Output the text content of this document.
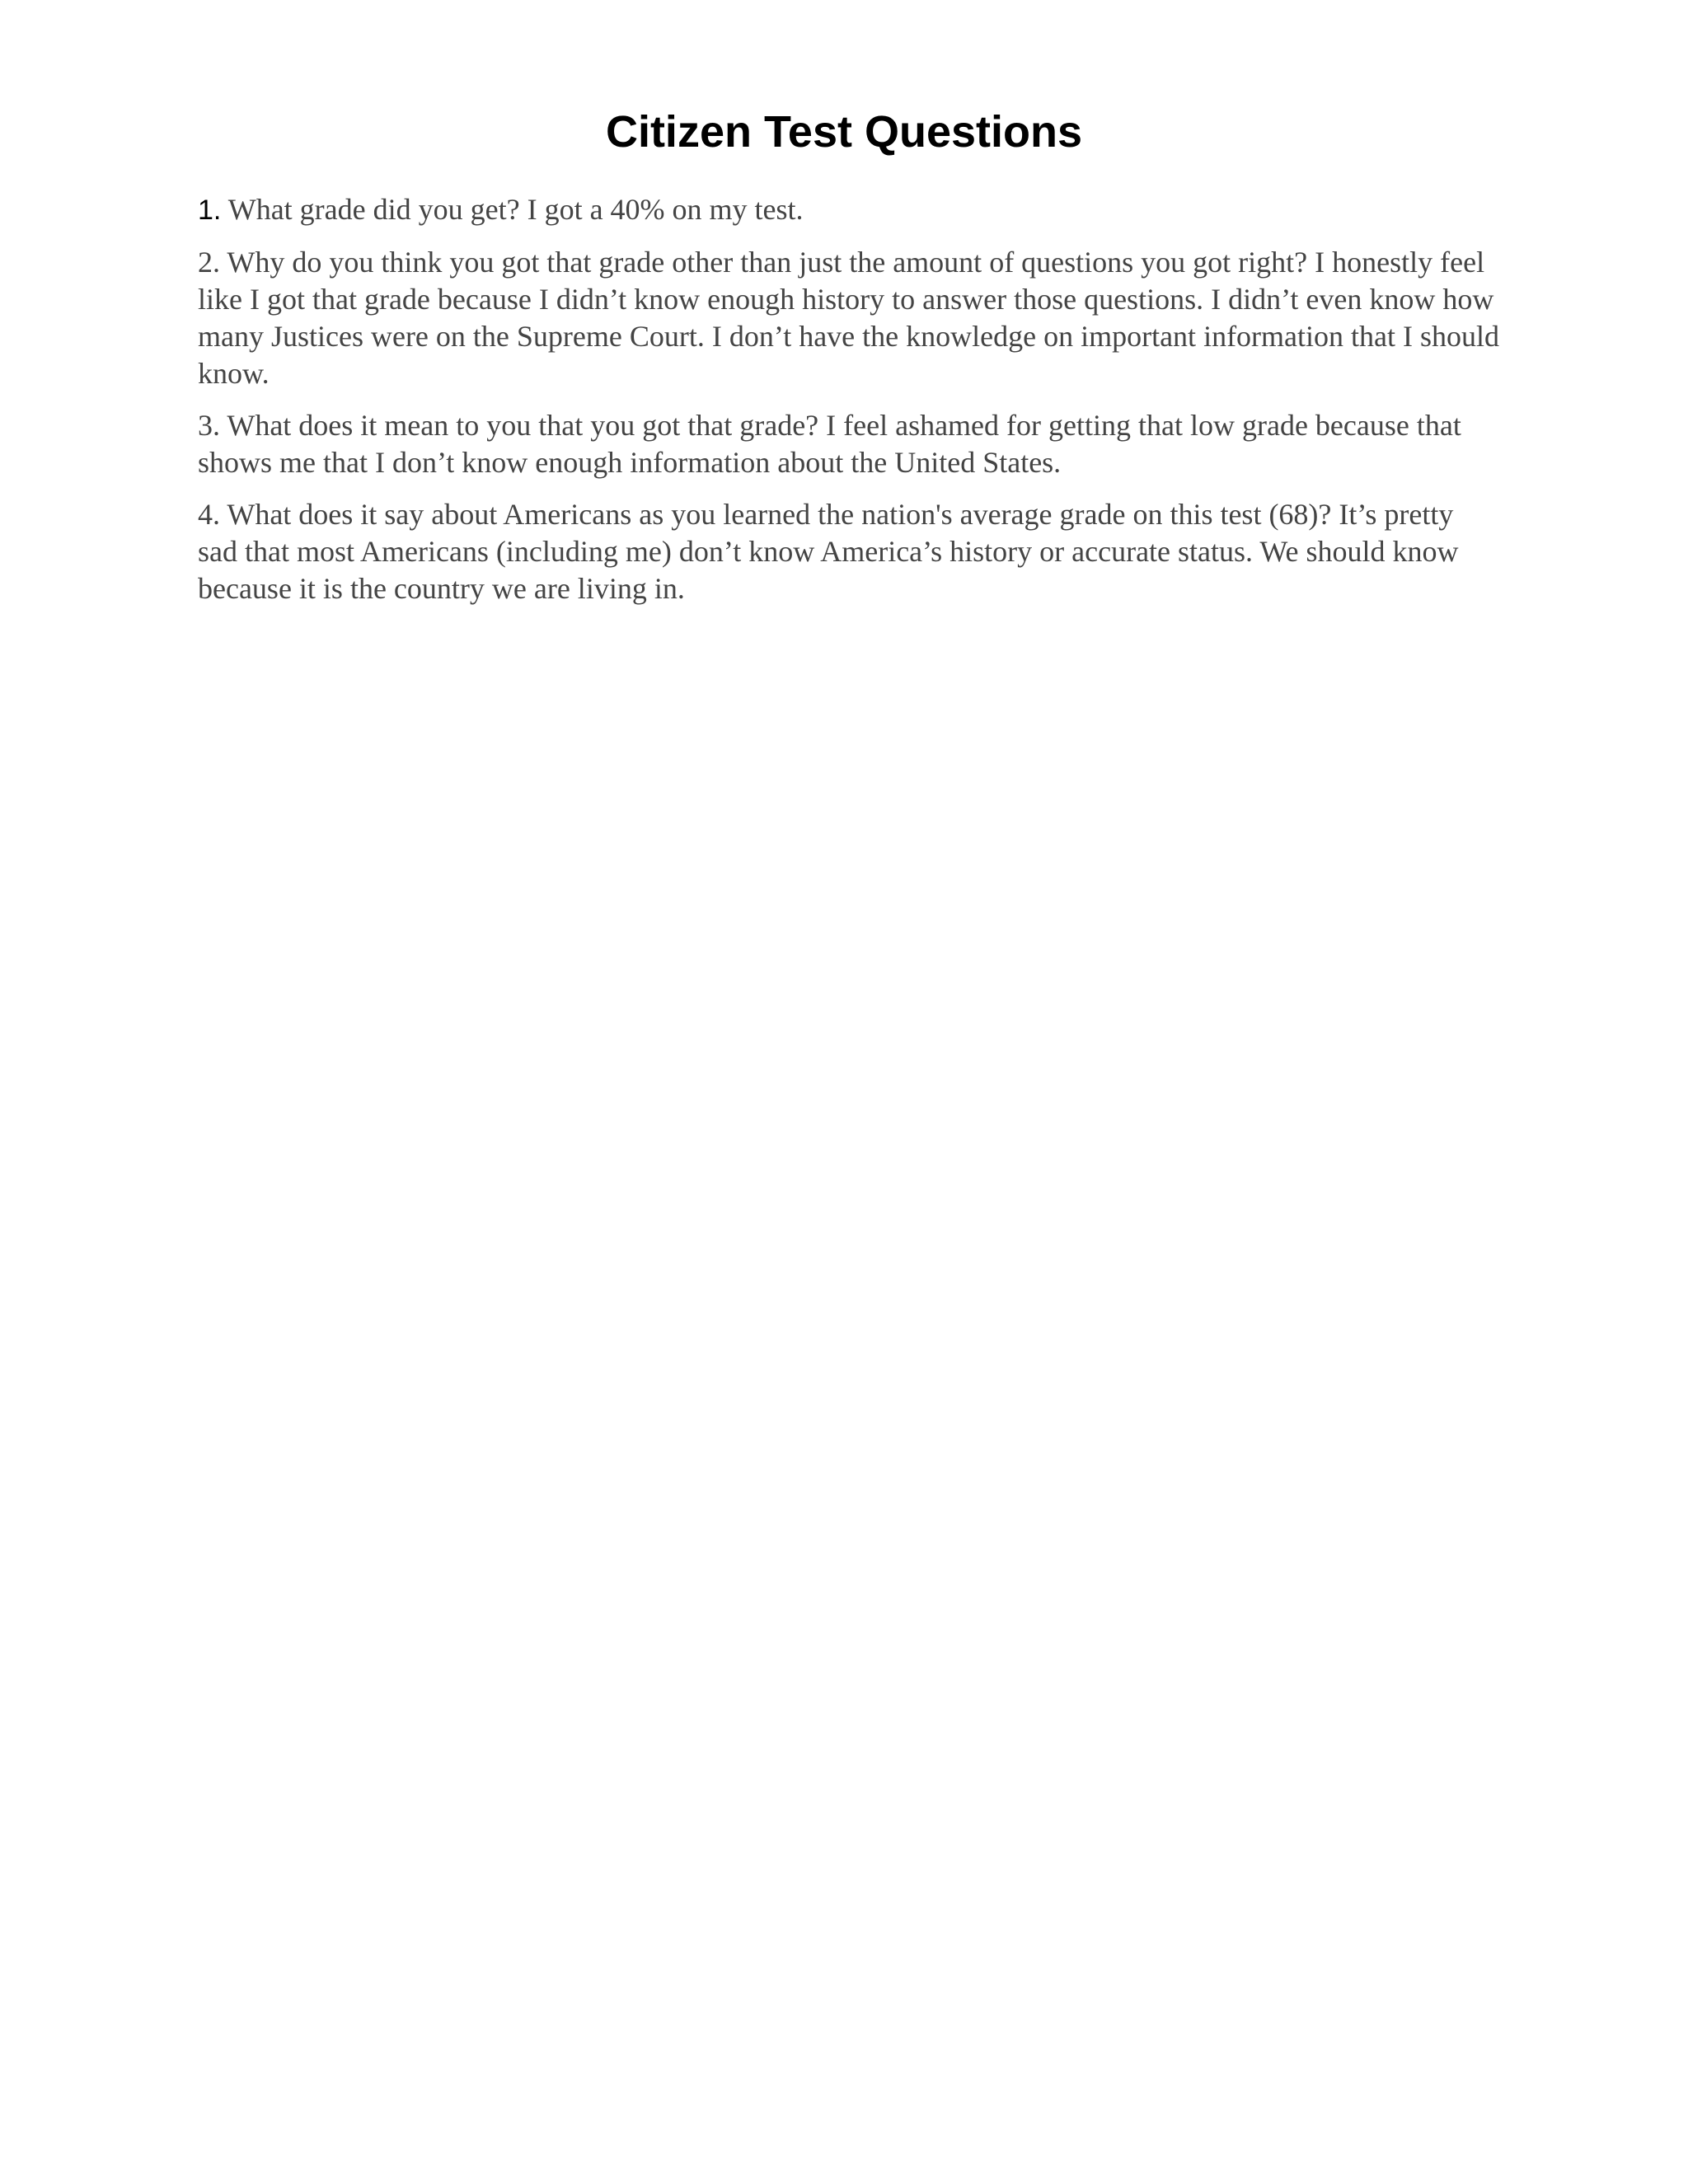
Citizen Test Questions

1. What grade did you get? I got a 40% on my test.

2. Why do you think you got that grade other than just the amount of questions you got right? I honestly feel like I got that grade because I didn’t know enough history to answer those questions. I didn’t even know how many Justices were on the Supreme Court. I don’t have the knowledge on important information that I should know.

3. What does it mean to you that you got that grade? I feel ashamed for getting that low grade because that shows me that I don’t know enough information about the United States.

4. What does it say about Americans as you learned the nation's average grade on this test (68)? It’s pretty sad that most Americans (including me) don’t know America’s history or accurate status. We should know because it is the country we are living in.
